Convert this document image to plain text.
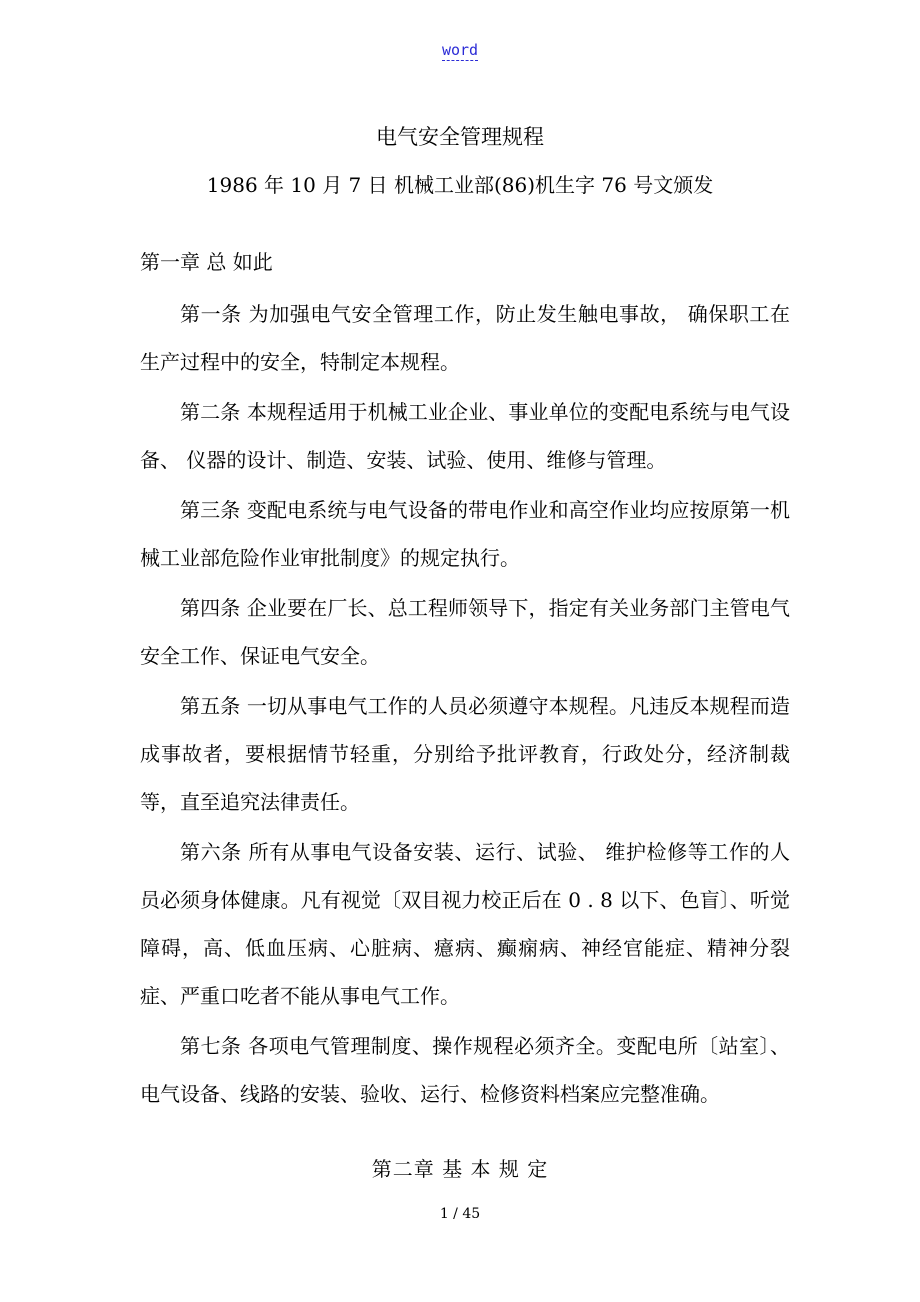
word
电气安全管理规程
1986 年 10 月 7 日 机械工业部(86)机生字 76 号文颁发
第一章 总 如此

第一条 为加强电气安全管理工作，防止发生触电事故， 确保职工在生产过程中的安全，特制定本规程。

第二条 本规程适用于机械工业企业、事业单位的变配电系统与电气设备、 仪器的设计、制造、安装、试验、使用、维修与管理。

第三条 变配电系统与电气设备的带电作业和高空作业均应按原第一机械工业部危险作业审批制度》的规定执行。

第四条 企业要在厂长、总工程师领导下，指定有关业务部门主管电气安全工作、保证电气安全。

第五条 一切从事电气工作的人员必须遵守本规程。凡违反本规程而造成事故者，要根据情节轻重，分别给予批评教育，行政处分，经济制裁等，直至追究法律责任。

第六条 所有从事电气设备安装、运行、试验、 维护检修等工作的人员必须身体健康。凡有视觉〔双目视力校正后在 0 . 8 以下、色盲〕、听觉障碍，高、低血压病、心脏病、癔病、癫痫病、神经官能症、精神分裂症、严重口吃者不能从事电气工作。

第七条 各项电气管理制度、操作规程必须齐全。变配电所〔站室〕、电气设备、线路的安装、验收、运行、检修资料档案应完整准确。

第二章 基 本 规 定
1 / 45
